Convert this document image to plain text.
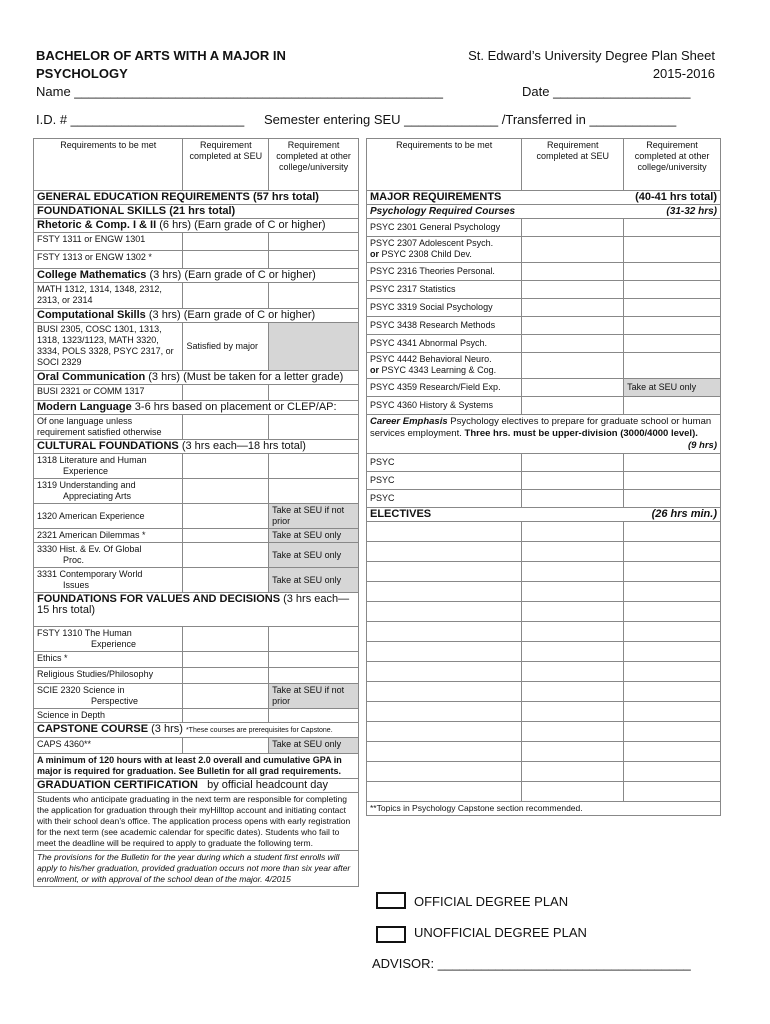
BACHELOR OF ARTS WITH A MAJOR IN
PSYCHOLOGY
St. Edward’s University Degree Plan Sheet
2015-2016
Name ___________________________________________________	Date ___________________
I.D. # ________________________ Semester entering SEU _____________ /Transferred in ____________
Requirements to be met	Requirement completed at SEU	Requirement completed at other college/university
GENERAL EDUCATION REQUIREMENTS (57 hrs total)		
FOUNDATIONAL SKILLS (21 hrs total)		
Rhetoric & Comp. I & II (6 hrs) (Earn grade of C or higher)		
FSTY 1311 or ENGW 1301		
FSTY 1313 or ENGW 1302 *		
College Mathematics (3 hrs) (Earn grade of C or higher)		
MATH 1312, 1314, 1348, 2312, 2313, or 2314		
Computational Skills (3 hrs) (Earn grade of C or higher)		
BUSI 2305, COSC 1301, 1313, 1318, 1323/1123, MATH 3320, 3334, POLS 3328, PSYC 2317, or SOCI 2329	Satisfied by major	
Oral Communication (3 hrs) (Must be taken for a letter grade)		
BUSI 2321 or COMM 1317		
Modern Language 3-6 hrs based on placement or CLEP/AP:		
Of one language unless requirement satisfied otherwise		
CULTURAL FOUNDATIONS (3 hrs each—18 hrs total)		

1318 Literature and Human
Experience		

1319 Understanding and
Appreciating Arts		

1320 American Experience		Take at SEU if not prior
2321 American Dilemmas *		Take at SEU only

3330 Hist. & Ev. Of Global
Proc.		Take at SEU only

3331 Contemporary World
Issues		Take at SEU only
FOUNDATIONS FOR VALUES AND DECISIONS (3 hrs each—15 hrs total)		

FSTY 1310 The Human
Experience		

Ethics *		
Religious Studies/Philosophy		

SCIE 2320 Science in
Perspective		Take at SEU if not prior
Science in Depth		
CAPSTONE COURSE (3 hrs) *These courses are prerequisites for Capstone.		
CAPS 4360**		Take at SEU only
A minimum of 120 hours with at least 2.0 overall and cumulative GPA in major is required for graduation. See Bulletin for all grad requirements.		
GRADUATION CERTIFICATION by official headcount day		
Students who anticipate graduating in the next term are responsible for completing the application for graduation through their myHilltop account and initiating contact with their school dean’s office. The application process opens with early registration for the next term (see academic calendar for specific dates). Students who fail to meet the deadline will be required to apply to graduate the following term.		
The provisions for the Bulletin for the year during which a student first enrolls will apply to his/her graduation, provided graduation occurs not more than six year after enrollment, or with approval of the school dean of the major. 4/2015		
Requirements to be met	Requirement completed at SEU	Requirement completed at other college/university
MAJOR REQUIREMENTS (40-41 hrs total)		

Psychology Required Courses (31-32 hrs)		

PSYC 2301 General Psychology		

PSYC 2307 Adolescent Psych.
or PSYC 2308 Child Dev.		

PSYC 2316 Theories Personal.		
PSYC 2317 Statistics		
PSYC 3319 Social Psychology		
PSYC 3438 Research Methods		
PSYC 4341 Abnormal Psych.		

PSYC 4442 Behavioral Neuro.
or PSYC 4343 Learning & Cog.		

PSYC 4359 Research/Field Exp.		Take at SEU only
PSYC 4360 History & Systems		
Career Emphasis Psychology electives to prepare for graduate school or human services employment. Three hrs. must be upper-division (3000/4000 level).
(9 hrs)		

PSYC		
PSYC		
PSYC		
ELECTIVES (26 hrs min.)		

**Topics in Psychology Capstone section recommended.		
OFFICIAL DEGREE PLAN
UNOFFICIAL DEGREE PLAN
ADVISOR: ___________________________________
